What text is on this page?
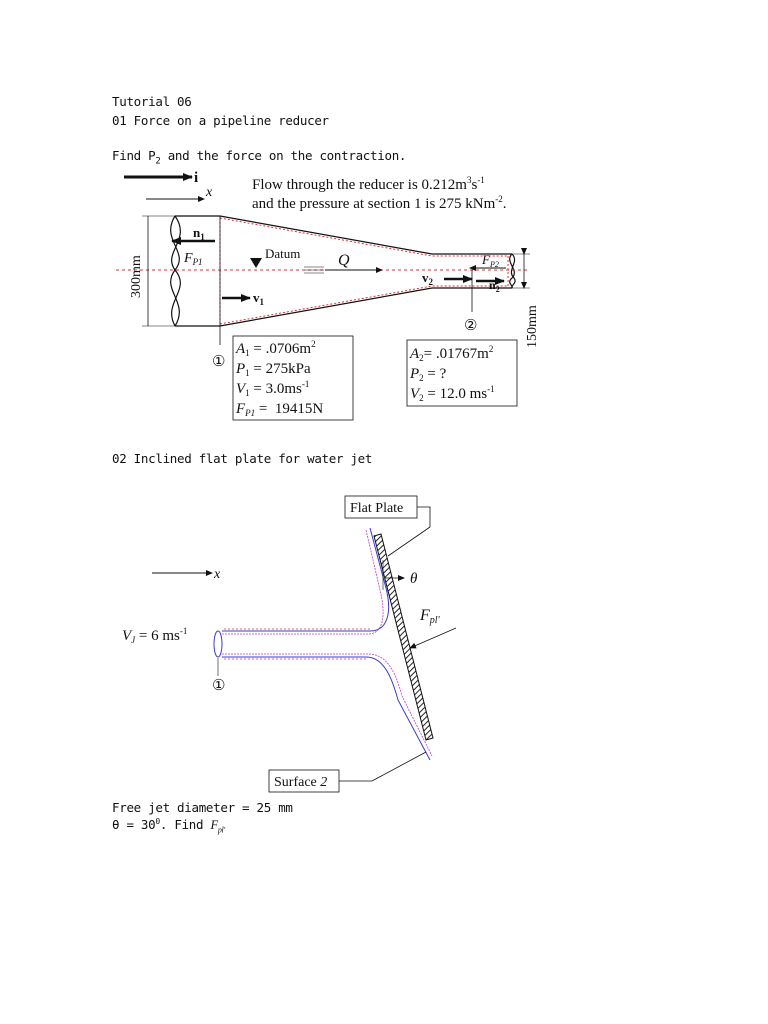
Tutorial 06
01 Force on a pipeline reducer
Find $P_2$ and the force on the contraction.
i
x	Flow through the reducer is $0.212m^3s^{-1}$
and the pressure at section 1 is 275 kNm$^{-2}$.
①
②
$n_1$
$F_{P1}$
$v_1$
Datum Q
$v_2$
$F_{P2}$
$n_2$
300mm
150mm
$A_1 = .0706m^2$
$P_1 = 275kPa$
$V_1 = 3.0ms^{-1}$
$F_{P1} = 19415N$
$A_2= .01767m^2$
$P_2$ = ?
$V_2 = 12.0$ $ms^{-1}$
Flat Plate
①
x
$V_J = 6$ $ms^{-1}$
θ
Fpl'
Surface 2
02 Inclined flat plate for water jet
Free jet diameter = 25 mm
$\theta = 30^0$. Find $F_{pl'}$
